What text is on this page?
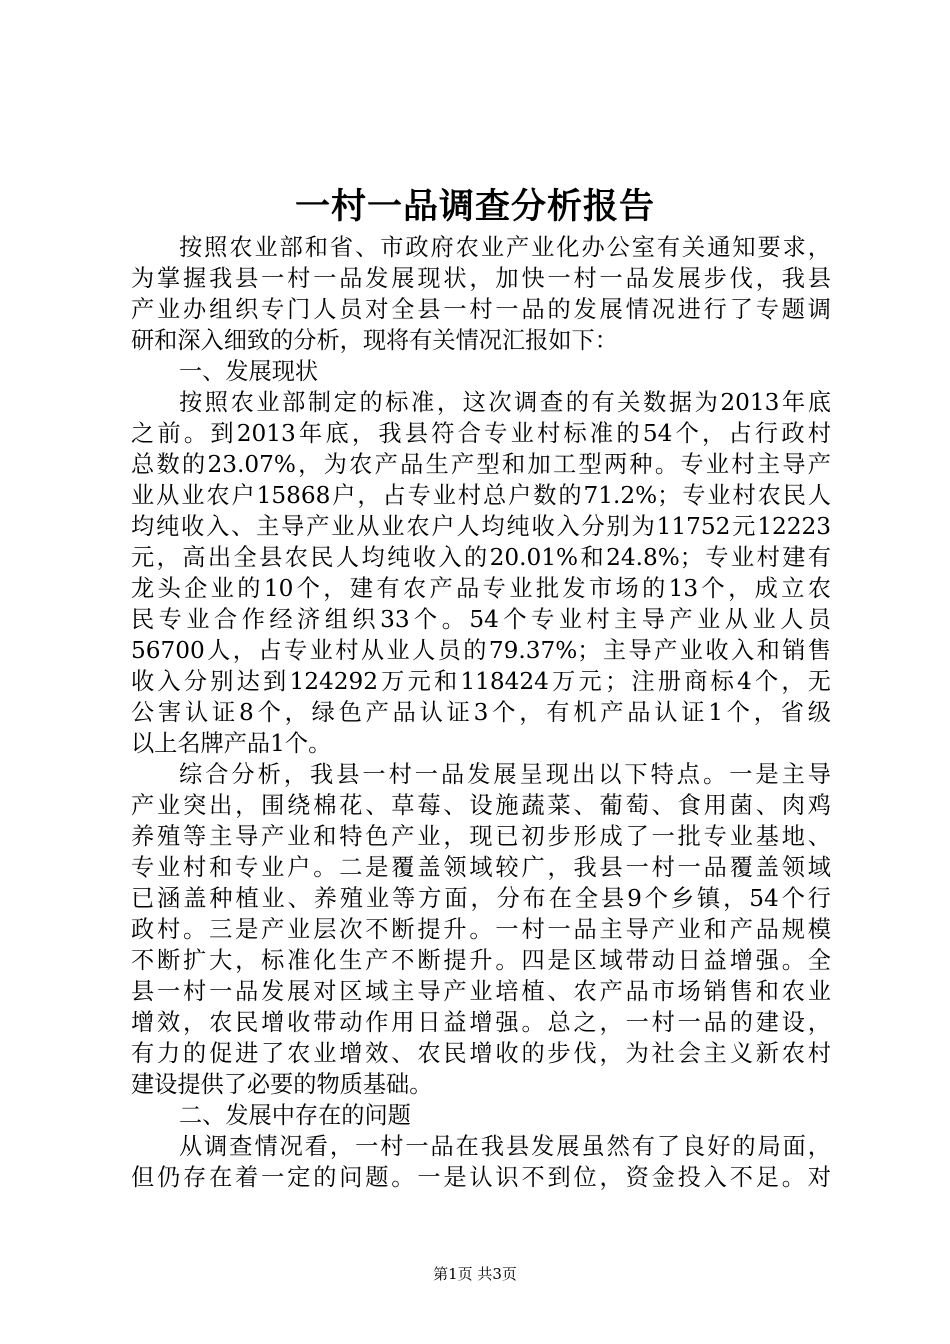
一村一品调查分析报告
按照农业部和省、市政府农业产业化办公室有关通知要求，
为掌握我县一村一品发展现状，加快一村一品发展步伐，我县
产业办组织专门人员对全县一村一品的发展情况进行了专题调
研和深入细致的分析，现将有关情况汇报如下：
一、发展现状
按照农业部制定的标准，这次调查的有关数据为2013年底
之前。到2013年底，我县符合专业村标准的54个，占行政村
总数的23.07%，为农产品生产型和加工型两种。专业村主导产
业从业农户15868户，占专业村总户数的71.2%；专业村农民人
均纯收入、主导产业从业农户人均纯收入分别为11752元12223
元，高出全县农民人均纯收入的20.01%和24.8%；专业村建有
龙头企业的10个，建有农产品专业批发市场的13个，成立农
民专业合作经济组织33个。54个专业村主导产业从业人员
56700人，占专业村从业人员的79.37%；主导产业收入和销售
收入分别达到124292万元和118424万元；注册商标4个，无
公害认证8个，绿色产品认证3个，有机产品认证1个，省级
以上名牌产品1个。
综合分析，我县一村一品发展呈现出以下特点。一是主导
产业突出，围绕棉花、草莓、设施蔬菜、葡萄、食用菌、肉鸡
养殖等主导产业和特色产业，现已初步形成了一批专业基地、
专业村和专业户。二是覆盖领域较广，我县一村一品覆盖领域
已涵盖种植业、养殖业等方面，分布在全县9个乡镇，54个行
政村。三是产业层次不断提升。一村一品主导产业和产品规模
不断扩大，标准化生产不断提升。四是区域带动日益增强。全
县一村一品发展对区域主导产业培植、农产品市场销售和农业
增效，农民增收带动作用日益增强。总之，一村一品的建设，
有力的促进了农业增效、农民增收的步伐，为社会主义新农村
建设提供了必要的物质基础。
二、发展中存在的问题
从调查情况看，一村一品在我县发展虽然有了良好的局面，
但仍存在着一定的问题。一是认识不到位，资金投入不足。对
第1页 共3页
